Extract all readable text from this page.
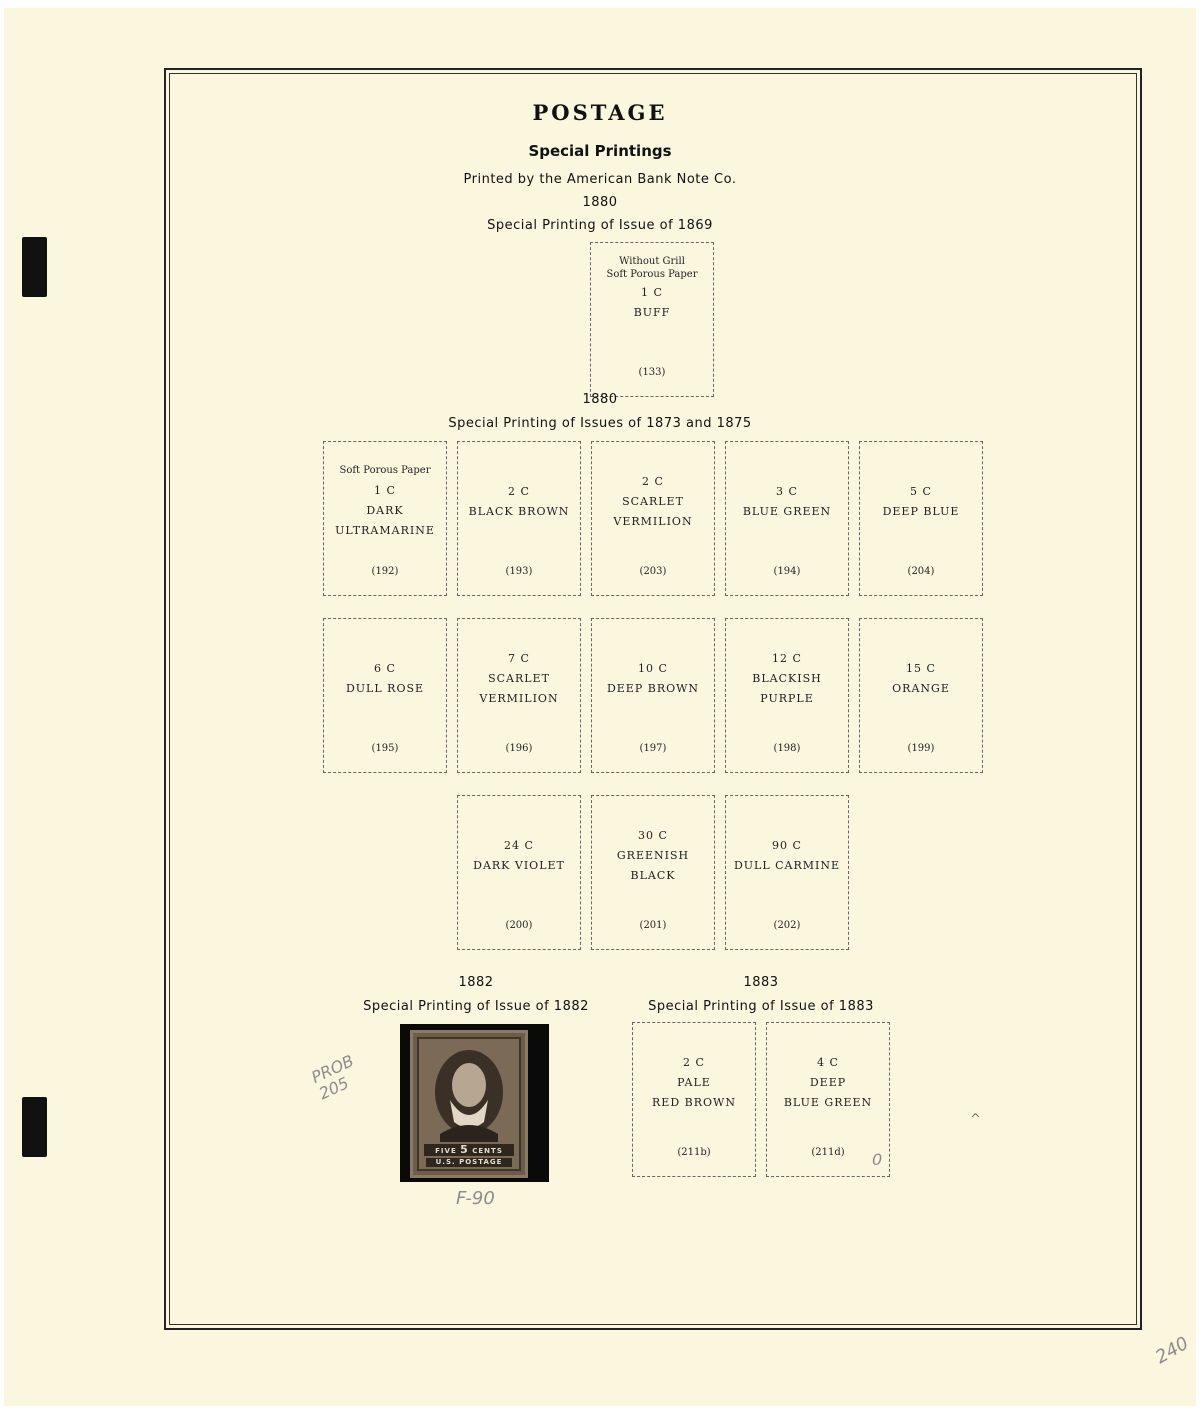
POSTAGE
Special Printings
Printed by the American Bank Note Co.
1880
Special Printing of Issue of 1869
Without Grill
Soft Porous Paper
1 C
BUFF
(133)
1880
Special Printing of Issues of 1873 and 1875
Soft Porous Paper
1 C
DARK
ULTRAMARINE
(192)
2 C
BLACK BROWN
(193)
2 C
SCARLET
VERMILION
(203)
3 C
BLUE GREEN
(194)
5 C
DEEP BLUE
(204)
6 C
DULL ROSE
(195)
7 C
SCARLET
VERMILION
(196)
10 C
DEEP BROWN
(197)
12 C
BLACKISH
PURPLE
(198)
15 C
ORANGE
(199)
24 C
DARK VIOLET
(200)
30 C
GREENISH
BLACK
(201)
90 C
DULL CARMINE
(202)
1882
Special Printing of Issue of 1882
1883
Special Printing of Issue of 1883
FIVE 5 CENTS
U.S. POSTAGE
PROB 205
F-90
2 C
PALE
RED BROWN
(211b)
4 C
DEEP
BLUE GREEN
(211d)	0
^
240
